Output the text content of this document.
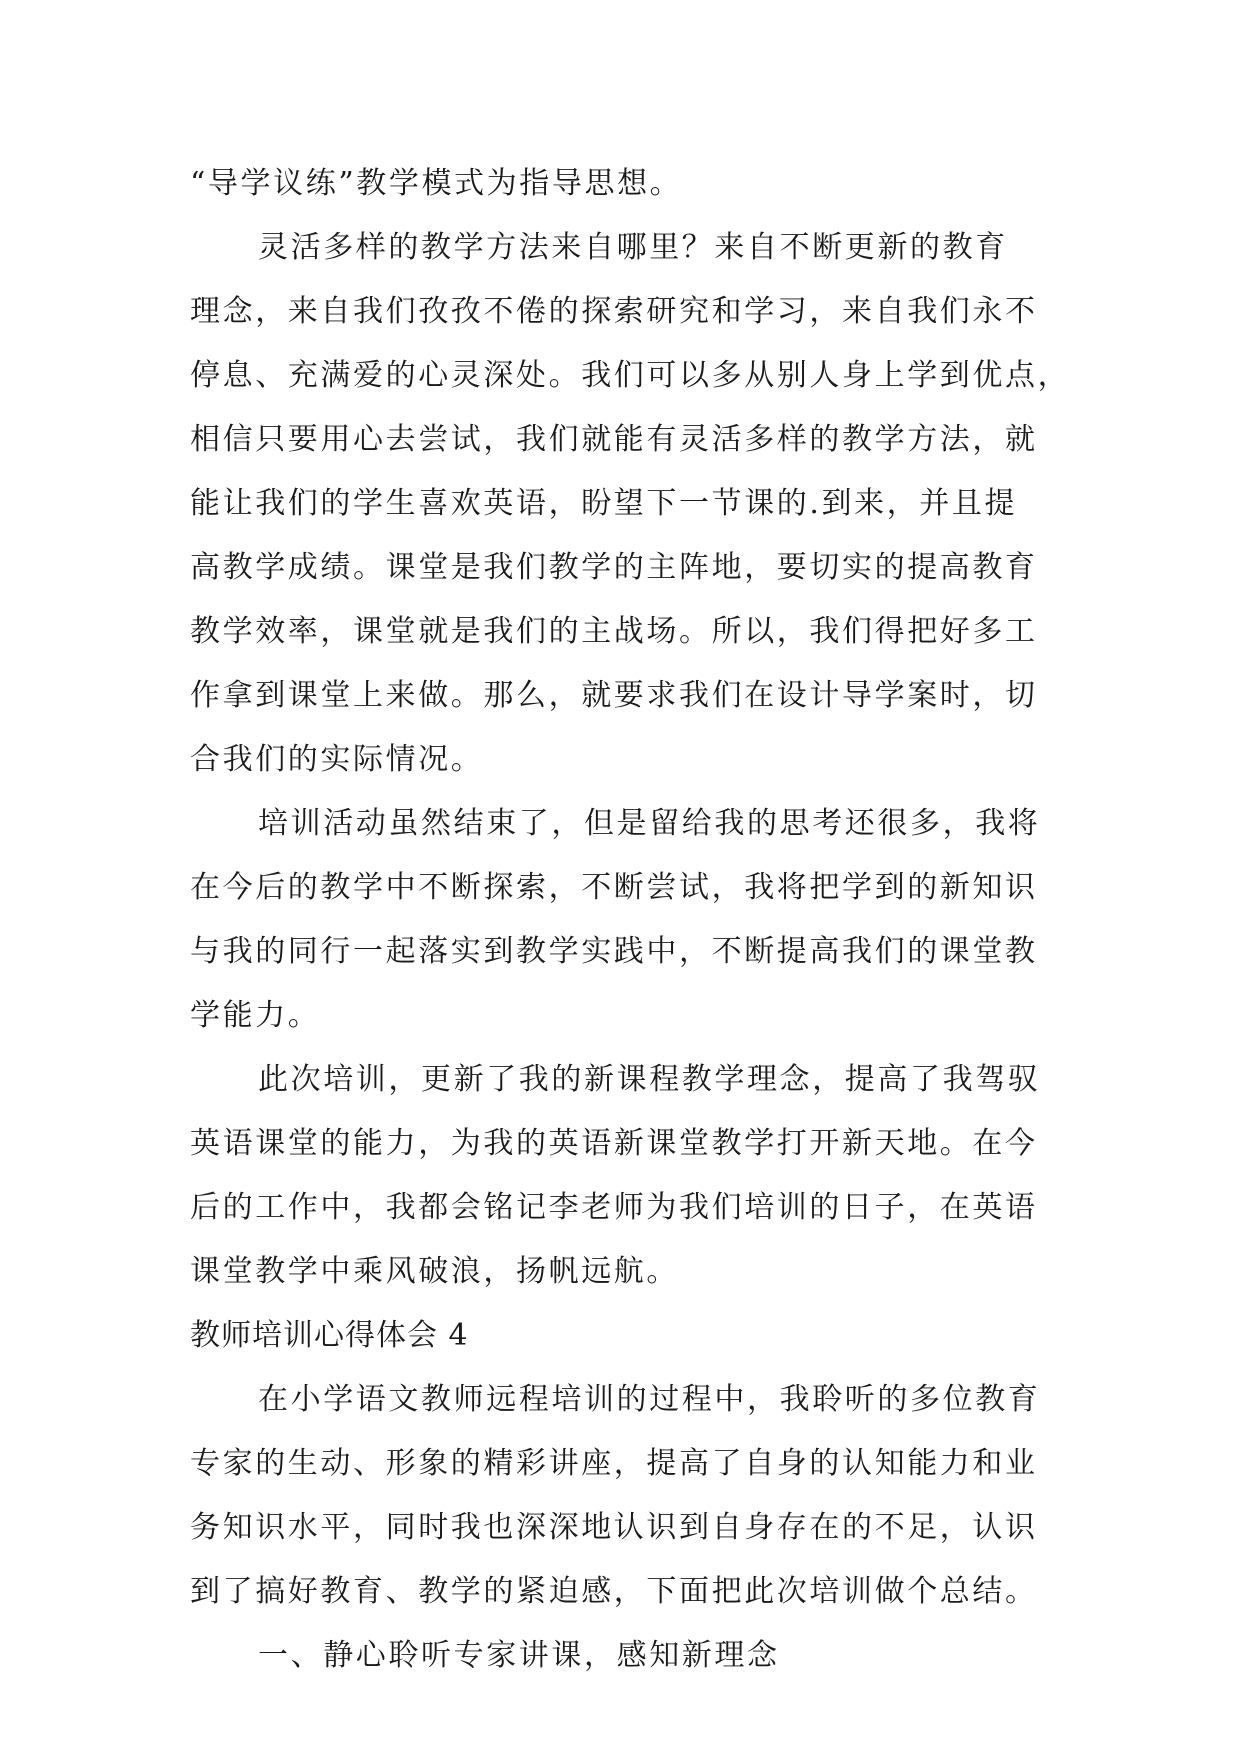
“导学议练”教学模式为指导思想。
灵活多样的教学方法来自哪里？来自不断更新的教育
理念，来自我们孜孜不倦的探索研究和学习，来自我们永不
停息、充满爱的心灵深处。我们可以多从别人身上学到优点，
相信只要用心去尝试，我们就能有灵活多样的教学方法，就
能让我们的学生喜欢英语，盼望下一节课的.到来，并且提
高教学成绩。课堂是我们教学的主阵地，要切实的提高教育
教学效率，课堂就是我们的主战场。所以，我们得把好多工
作拿到课堂上来做。那么，就要求我们在设计导学案时，切
合我们的实际情况。
培训活动虽然结束了，但是留给我的思考还很多，我将
在今后的教学中不断探索，不断尝试，我将把学到的新知识
与我的同行一起落实到教学实践中，不断提高我们的课堂教
学能力。
此次培训，更新了我的新课程教学理念，提高了我驾驭
英语课堂的能力，为我的英语新课堂教学打开新天地。在今
后的工作中，我都会铭记李老师为我们培训的日子，在英语
课堂教学中乘风破浪，扬帆远航。
教师培训心得体会 4
在小学语文教师远程培训的过程中，我聆听的多位教育
专家的生动、形象的精彩讲座，提高了自身的认知能力和业
务知识水平，同时我也深深地认识到自身存在的不足，认识
到了搞好教育、教学的紧迫感，下面把此次培训做个总结。
一、静心聆听专家讲课，感知新理念
